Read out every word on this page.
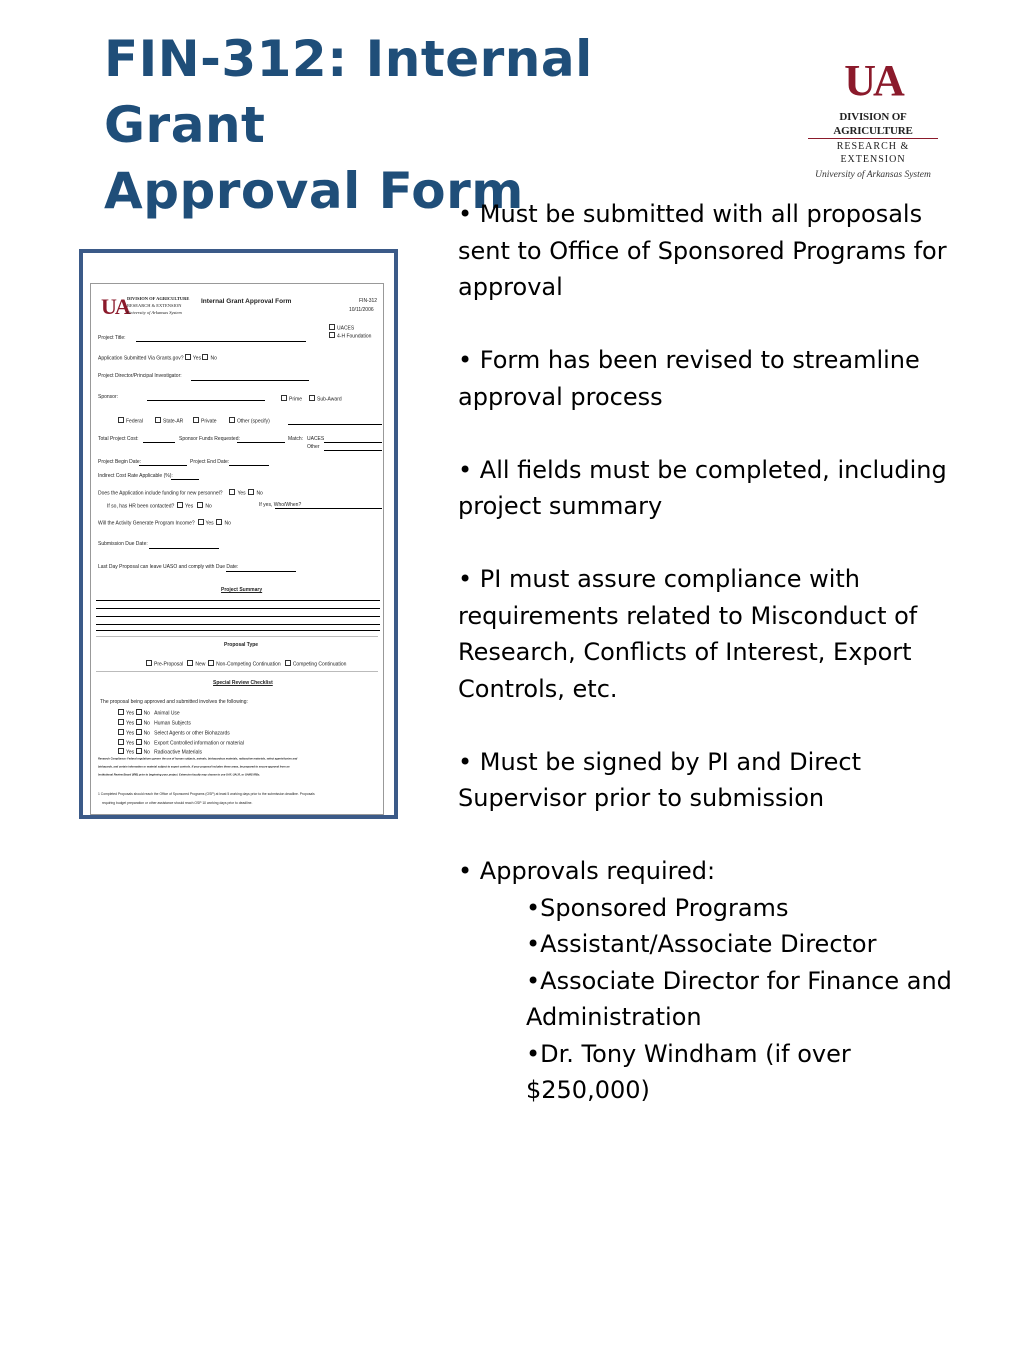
FIN-312: Internal Grant
Approval Form
UA
DIVISION OF AGRICULTURE
RESEARCH & EXTENSION
University of Arkansas System
UA
DIVISION OF AGRICULTURE
RESEARCH & EXTENSION
University of Arkansas System
Internal Grant Approval Form	FIN-312
10/11/2006
UACES
4-H Foundation
Project Title:
Application Submitted Via Grants.gov? Yes No
Project Director/Principal Investigator:
Sponsor:	Prime	Sub-Award
Federal	State-AR	Private	Other (specify)
Total Project Cost:	Sponsor Funds Requested:	Match: UACES
Other
Project Begin Date:	Project End Date:
Indirect Cost Rate Applicable (%):
Does the Application include funding for new personnel?	Yes No
If so, has HR been contacted? Yes No	If yes, Who/When?
Will the Activity Generate Program Income? Yes No
Submission Due Date:
Last Day Proposal can leave UASO and comply with Due Date:
Project Summary
Proposal Type
Pre-Proposal New Non-Competing Continuation Competing Continuation
Special Review Checklist
The proposal being approved and submitted involves the following:
Yes No Animal Use
Yes No Human Subjects
Yes No Select Agents or other Biohazards
Yes No Export Controlled information or material
Yes No Radioactive Materials
Research Compliance: Federal regulations govern the use of human subjects, animals, biohazardous materials, radioactive materials, select agents/toxins and
biohazards, and certain information or material subject to export controls. If your proposal includes these areas, be prepared to secure approval from an
Institutional Review Board (IRB) prior to beginning your project. Extension faculty may choose to use UAF, UALR, or UAMS IRBs.
1 Completed Proposals should reach the Office of Sponsored Programs (OSP) at least 5 working days prior to the submission deadline. Proposals
requiring budget preparation or other assistance should reach OSP 10 working days prior to deadline.

• Must be submitted with all proposals sent to Office of Sponsored Programs for approval

• Form has been revised to streamline approval process

• All fields must be completed, including project summary

• PI must assure compliance with requirements related to Misconduct of Research, Conflicts of Interest, Export Controls, etc.

• Must be signed by PI and Direct Supervisor prior to submission

• Approvals required:
•Sponsored Programs
•Assistant/Associate Director
•Associate Director for Finance and Administration
•Dr. Tony Windham (if over $250,000)
